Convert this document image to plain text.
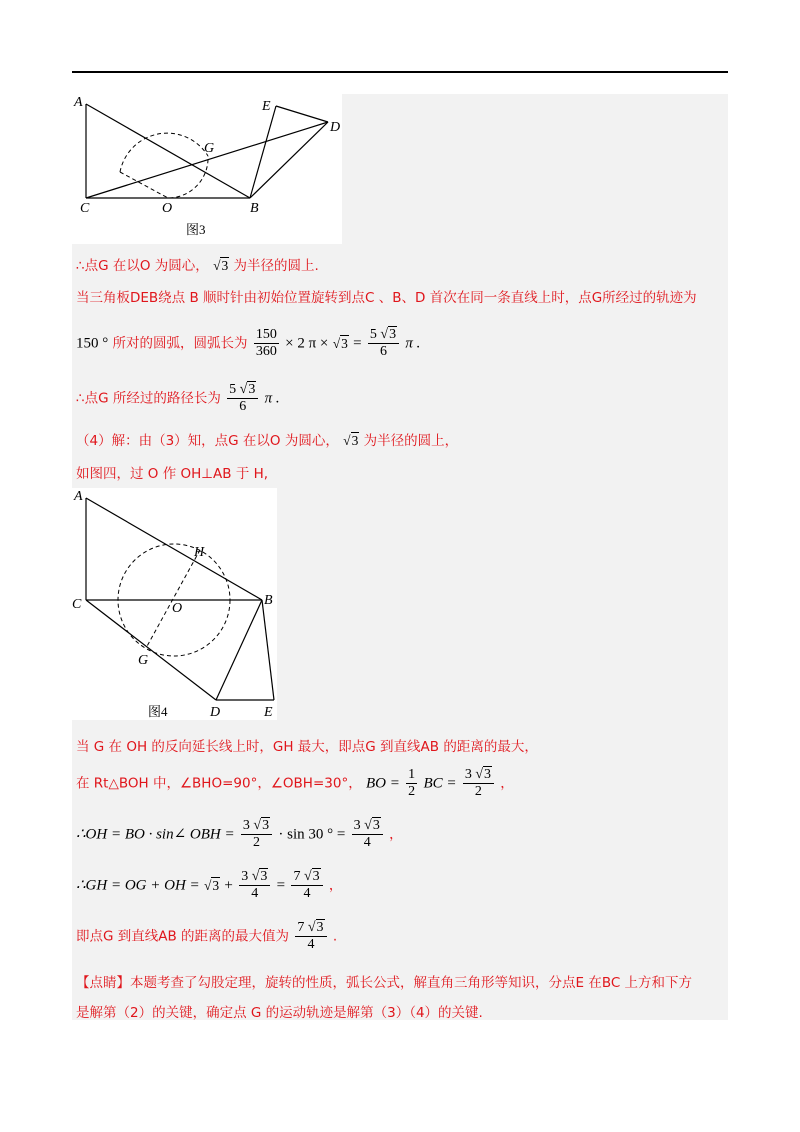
A	E
D
G
C	O	B
图3
∴点G 在以O 为圆心， √3 为半径的圆上.
当三角板DEB绕点 B 顺时针由初始位置旋转到点C 、B、D 首次在同一条直线上时，点G所经过的轨迹为
150 ° 所对的圆弧，圆弧长为 $\frac{150}{360} \times 2$ $\pi \times √3 = \frac{5 √3}{6}$ π .
∴点G 所经过的路径长为 $\frac{5 √3}{6}$ π .
（4）解：由（3）知，点G 在以O 为圆心， √3 为半径的圆上，
如图四，过 O 作 OH⊥AB 于 H,
A
H
C	O
B
G
D	E
图4
当 G 在 OH 的反向延长线上时，GH 最大，即点G 到直线AB 的距离的最大，
在 Rt△BOH 中，∠BHO=90°，∠OBH=30°， BO = $\frac{1}{2}$ BC = $\frac{3 √3}{2}$ ，
∴OH = BO · sin∠ OBH = $\frac{3 √3}{2} \cdot \sin 30$ ° = $\frac{3 √3}{4}$ ，
∴GH = OG + OH = $√3 + \frac{3 √3}{4} = \frac{7 √3}{4}$ ，
即点G 到直线AB 的距离的最大值为 $\frac{7 √3}{4}$ .
【点睛】本题考查了勾股定理，旋转的性质，弧长公式，解直角三角形等知识，分点E 在BC 上方和下方
是解第（2）的关键，确定点 G 的运动轨迹是解第（3）（4）的关键.
